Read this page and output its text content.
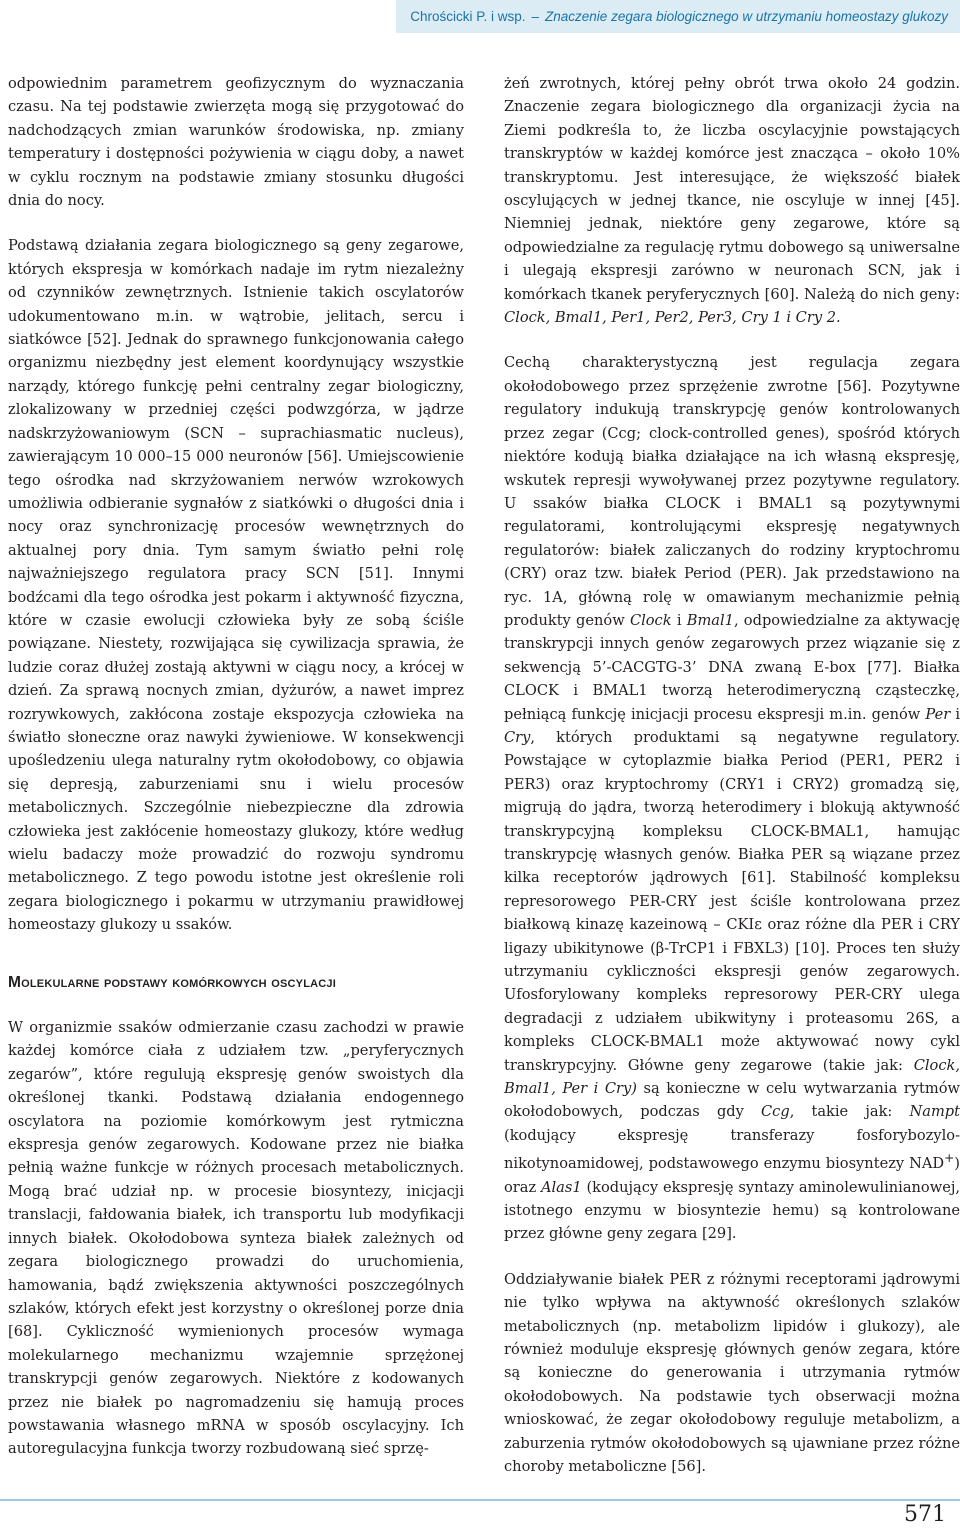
Chrościcki P. i wsp. – Znaczenie zegara biologicznego w utrzymaniu homeostazy glukozy

odpowiednim parametrem geofizycznym do wyznaczania czasu. Na tej podstawie zwierzęta mogą się przygotować do nadchodzących zmian warunków środowiska, np. zmiany temperatury i dostępności pożywienia w ciągu doby, a nawet w cyklu rocznym na podstawie zmiany stosunku długości dnia do nocy.

Podstawą działania zegara biologicznego są geny zegarowe, których ekspresja w komórkach nadaje im rytm niezależny od czynników zewnętrznych. Istnienie takich oscylatorów udokumentowano m.in. w wątrobie, jelitach, sercu i siatkówce [52]. Jednak do sprawnego funkcjonowania całego organizmu niezbędny jest element koordynujący wszystkie narządy, którego funkcję pełni centralny zegar biologiczny, zlokalizowany w przedniej części podwzgórza, w jądrze nadskrzyżowaniowym (SCN – suprachiasmatic nucleus), zawierającym 10 000–15 000 neuronów [56]. Umiejscowienie tego ośrodka nad skrzyżowaniem nerwów wzrokowych umożliwia odbieranie sygnałów z siatkówki o długości dnia i nocy oraz synchronizację procesów wewnętrznych do aktualnej pory dnia. Tym samym światło pełni rolę najważniejszego regulatora pracy SCN [51]. Innymi bodźcami dla tego ośrodka jest pokarm i aktywność fizyczna, które w czasie ewolucji człowieka były ze sobą ściśle powiązane. Niestety, rozwijająca się cywilizacja sprawia, że ludzie coraz dłużej zostają aktywni w ciągu nocy, a krócej w dzień. Za sprawą nocnych zmian, dyżurów, a nawet imprez rozrywkowych, zakłócona zostaje ekspozycja człowieka na światło słoneczne oraz nawyki żywieniowe. W konsekwencji upośledzeniu ulega naturalny rytm okołodobowy, co objawia się depresją, zaburzeniami snu i wielu procesów metabolicznych. Szczególnie niebezpieczne dla zdrowia człowieka jest zakłócenie homeostazy glukozy, które według wielu badaczy może prowadzić do rozwoju syndromu metabolicznego. Z tego powodu istotne jest określenie roli zegara biologicznego i pokarmu w utrzymaniu prawidłowej homeostazy glukozy u ssaków.

Molekularne podstawy komórkowych oscylacji

W organizmie ssaków odmierzanie czasu zachodzi w prawie każdej komórce ciała z udziałem tzw. „peryferycznych zegarów”, które regulują ekspresję genów swoistych dla określonej tkanki. Podstawą działania endogennego oscylatora na poziomie komórkowym jest rytmiczna ekspresja genów zegarowych. Kodowane przez nie białka pełnią ważne funkcje w różnych procesach metabolicznych. Mogą brać udział np. w procesie biosyntezy, inicjacji translacji, fałdowania białek, ich transportu lub modyfikacji innych białek. Okołodobowa synteza białek zależnych od zegara biologicznego prowadzi do uruchomienia, hamowania, bądź zwiększenia aktywności poszczególnych szlaków, których efekt jest korzystny o określonej porze dnia [68]. Cykliczność wymienionych procesów wymaga molekularnego mechanizmu wzajemnie sprzężonej transkrypcji genów zegarowych. Niektóre z kodowanych przez nie białek po nagromadzeniu się hamują proces powstawania własnego mRNA w sposób oscylacyjny. Ich autoregulacyjna funkcja tworzy rozbudowaną sieć sprzę-

żeń zwrotnych, której pełny obrót trwa około 24 godzin. Znaczenie zegara biologicznego dla organizacji życia na Ziemi podkreśla to, że liczba oscylacyjnie powstających transkryptów w każdej komórce jest znacząca – około 10% transkryptomu. Jest interesujące, że większość białek oscylujących w jednej tkance, nie oscyluje w innej [45]. Niemniej jednak, niektóre geny zegarowe, które są odpowiedzialne za regulację rytmu dobowego są uniwersalne i ulegają ekspresji zarówno w neuronach SCN, jak i komórkach tkanek peryferycznych [60]. Należą do nich geny: Clock, Bmal1, Per1, Per2, Per3, Cry 1 i Cry 2.

Cechą charakterystyczną jest regulacja zegara okołodobowego przez sprzężenie zwrotne [56]. Pozytywne regulatory indukują transkrypcję genów kontrolowanych przez zegar (Ccg; clock-controlled genes), spośród których niektóre kodują białka działające na ich własną ekspresję, wskutek represji wywoływanej przez pozytywne regulatory. U ssaków białka CLOCK i BMAL1 są pozytywnymi regulatorami, kontrolującymi ekspresję negatywnych regulatorów: białek zaliczanych do rodziny kryptochromu (CRY) oraz tzw. białek Period (PER). Jak przedstawiono na ryc. 1A, główną rolę w omawianym mechanizmie pełnią produkty genów Clock i Bmal1, odpowiedzialne za aktywację transkrypcji innych genów zegarowych przez wiązanie się z sekwencją 5’-CACGTG-3’ DNA zwaną E-box [77]. Białka CLOCK i BMAL1 tworzą heterodimeryczną cząsteczkę, pełniącą funkcję inicjacji procesu ekspresji m.in. genów Per i Cry, których produktami są negatywne regulatory. Powstające w cytoplazmie białka Period (PER1, PER2 i PER3) oraz kryptochromy (CRY1 i CRY2) gromadzą się, migrują do jądra, tworzą heterodimery i blokują aktywność transkrypcyjną kompleksu CLOCK-BMAL1, hamując transkrypcję własnych genów. Białka PER są wiązane przez kilka receptorów jądrowych [61]. Stabilność kompleksu represorowego PER-CRY jest ściśle kontrolowana przez białkową kinazę kazeinową – CKIε oraz różne dla PER i CRY ligazy ubikitynowe (β-TrCP1 i FBXL3) [10]. Proces ten służy utrzymaniu cykliczności ekspresji genów zegarowych. Ufosforylowany kompleks represorowy PER-CRY ulega degradacji z udziałem ubikwityny i proteasomu 26S, a kompleks CLOCK-BMAL1 może aktywować nowy cykl transkrypcyjny. Główne geny zegarowe (takie jak: Clock, Bmal1, Per i Cry) są konieczne w celu wytwarzania rytmów okołodobowych, podczas gdy Ccg, takie jak: Nampt (kodujący ekspresję transferazy fosforybozylo-nikotynoamidowej, podstawowego enzymu biosyntezy NAD+) oraz Alas1 (kodujący ekspresję syntazy aminolewulinianowej, istotnego enzymu w biosyntezie hemu) są kontrolowane przez główne geny zegara [29].

Oddziaływanie białek PER z różnymi receptorami jądrowymi nie tylko wpływa na aktywność określonych szlaków metabolicznych (np. metabolizm lipidów i glukozy), ale również moduluje ekspresję głównych genów zegara, które są konieczne do generowania i utrzymania rytmów okołodobowych. Na podstawie tych obserwacji można wnioskować, że zegar okołodobowy reguluje metabolizm, a zaburzenia rytmów okołodobowych są ujawniane przez różne choroby metaboliczne [56].

571
